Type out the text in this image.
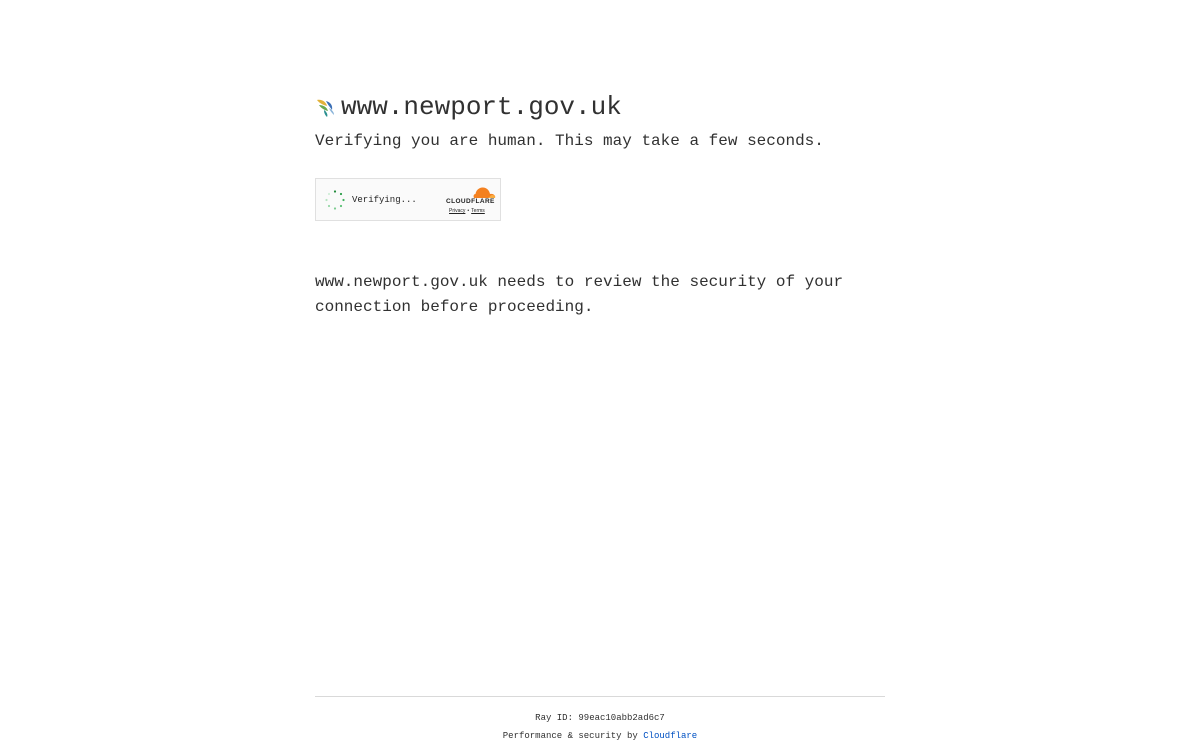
www.newport.gov.uk
Verifying you are human. This may take a few seconds.
Verifying...	CLOUDFLARE
Privacy • Terms
www.newport.gov.uk needs to review the security of your connection before proceeding.
Ray ID: 99eac10abb2ad6c7
Performance & security by Cloudflare
